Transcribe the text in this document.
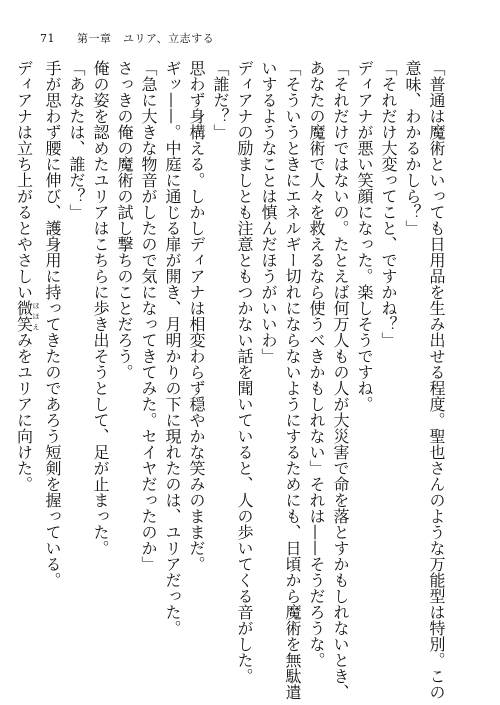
71 第一章　ユリア、立志する
「普通は魔術といっても日用品を生み出せる程度。聖也さんのような万能型は特別。この
意味、わかるかしら？」
「それだけ大変ってこと、ですかね？」
ディアナが悪い笑顔になった。楽しそうですね。
「それだけではないの。たとえば何万人もの人が大災害で命を落とすかもしれないとき、
あなたの魔術で人々を救えるなら使うべきかもしれない」それは——そうだろうな。
「そういうときにエネルギー切れにならないようにするためにも、日頃から魔術を無駄遣
いするようなことは慎んだほうがいいわ」
ディアナの励ましとも注意ともつかない話を聞いていると、人の歩いてくる音がした。
「誰だ？」
思わず身構える。しかしディアナは相変わらず穏やかな笑みのままだ。
ギッ——。中庭に通じる扉が開き、月明かりの下に現れたのは、ユリアだった。
「急に大きな物音がしたので気になってきてみた。セイヤだったのか」
さっきの俺の魔術の試し撃ちのことだろう。
俺の姿を認めたユリアはこちらに歩き出そうとして、足が止まった。
「あなたは、誰だ？」
手が思わず腰に伸び、護身用に持ってきたのであろう短剣を握っている。
ディアナは立ち上がるとやさしい微笑ほほえみをユリアに向けた。
